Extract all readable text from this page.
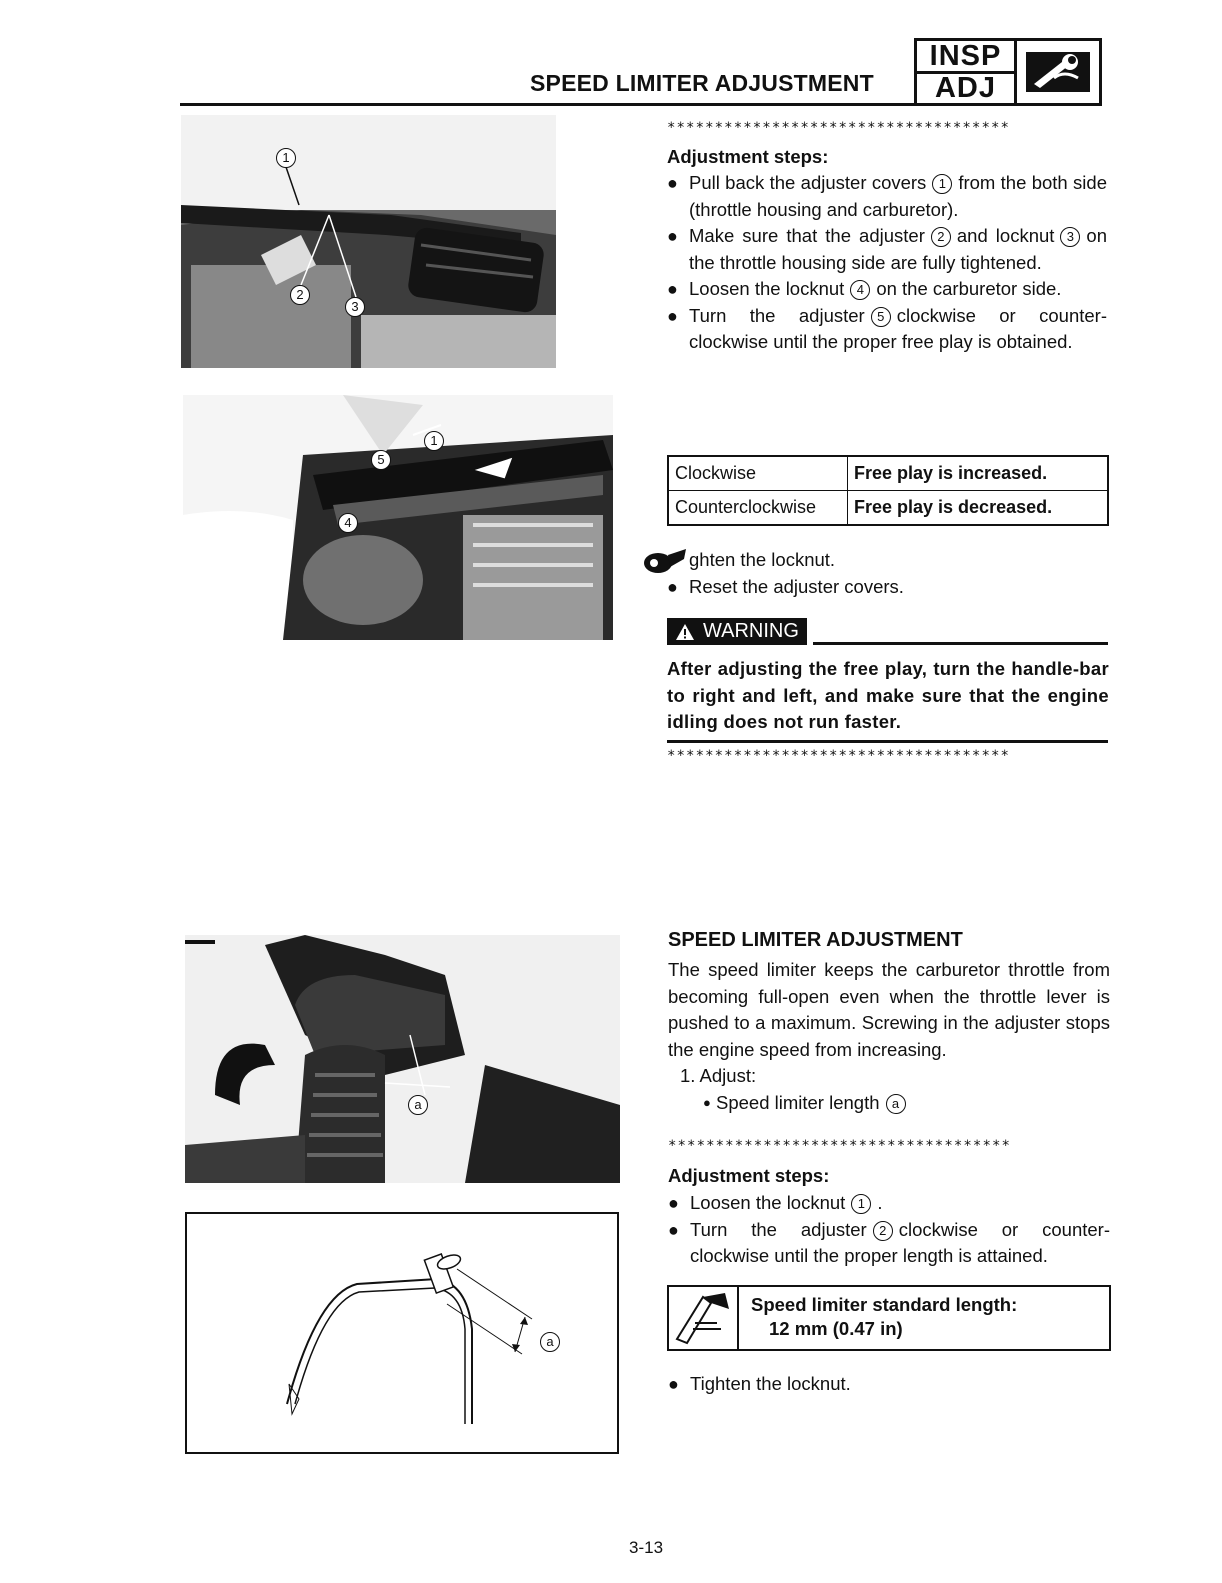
SPEED LIMITER ADJUSTMENT
INSP
ADJ
1
2
3
1
5
4
************************************
Adjustment steps:
● Pull back the adjuster covers 1 from the both side (throttle housing and carburetor).
● Make sure that the adjuster 2 and locknut 3 on the throttle housing side are fully tightened.
● Loosen the locknut 4 on the carburetor side.
● Turn the adjuster 5 clockwise or counter-clockwise until the proper free play is obtained.
Clockwise	Free play is increased.
Counterclockwise	Free play is decreased.
ghten the locknut.
● Reset the adjuster covers.
WARNING
After adjusting the free play, turn the handle-bar to right and left, and make sure that the engine idling does not run faster.
************************************
a
a
SPEED LIMITER ADJUSTMENT
The speed limiter keeps the carburetor throttle from becoming full-open even when the throttle lever is pushed to a maximum. Screwing in the adjuster stops the engine speed from increasing.
1. Adjust:
● Speed limiter length a
************************************
Adjustment steps:
● Loosen the locknut 1 .
● Turn the adjuster 2 clockwise or counter-clockwise until the proper length is attained.
Speed limiter standard length:
12 mm (0.47 in)
● Tighten the locknut.
3-13
